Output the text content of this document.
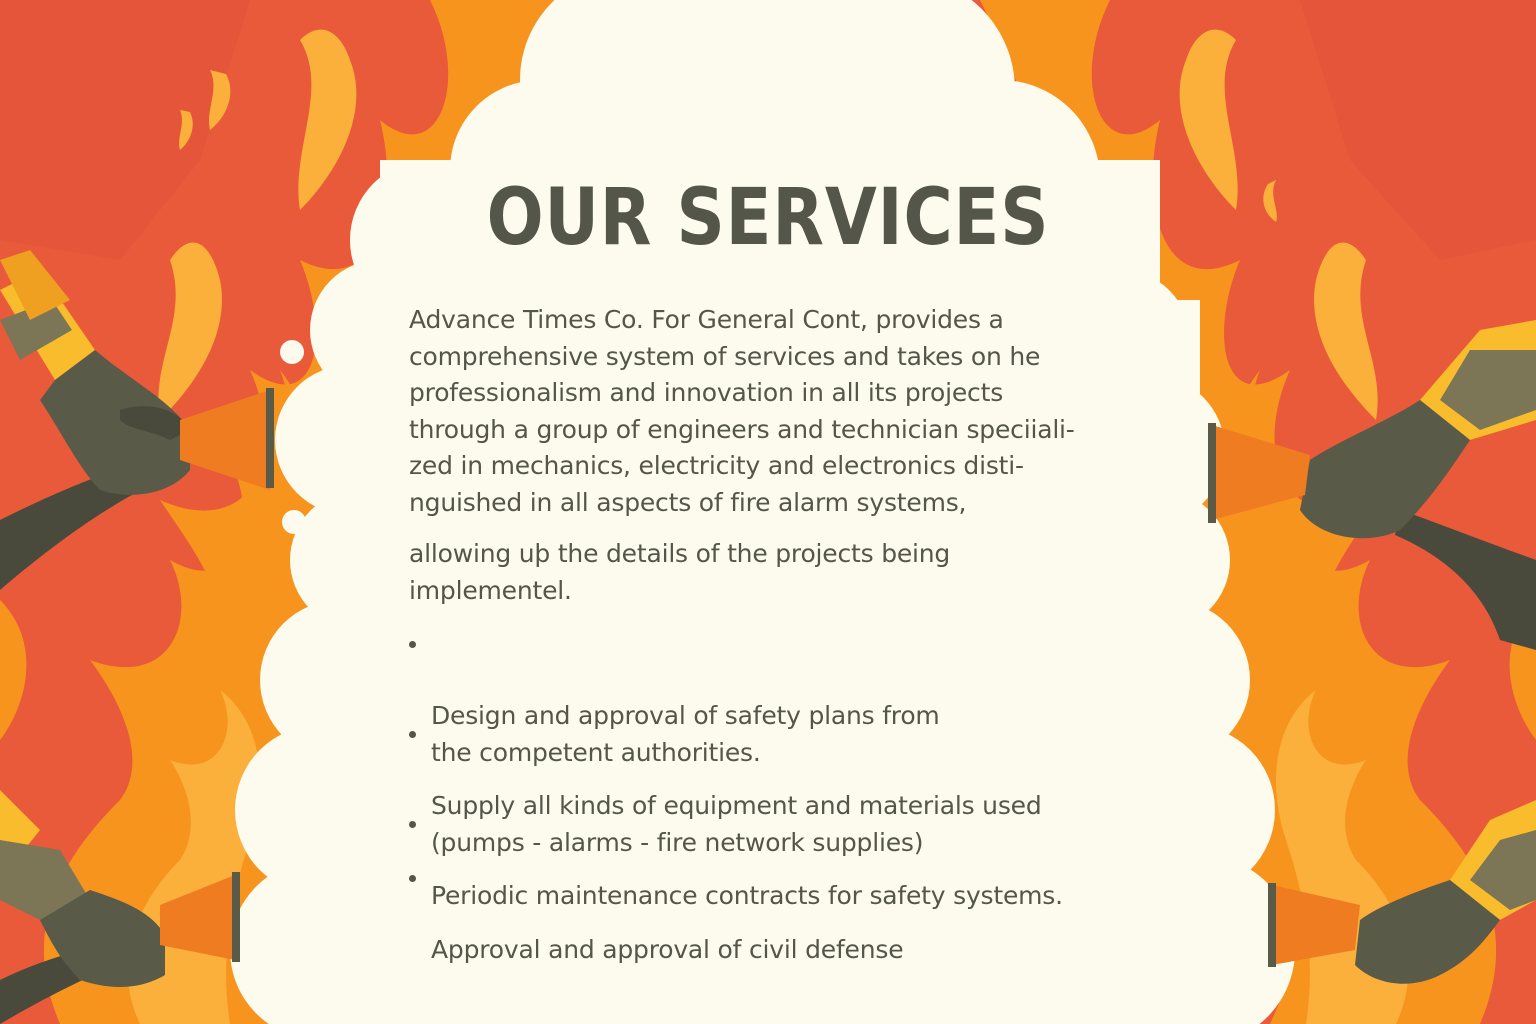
OUR SERVICES

Advance Times Co. For General Cont, provides a
comprehensive system of services and takes on he
professionalism and innovation in all its projects
through a group of engineers and technician speciiali-
zed in mechanics, electricity and electronics disti-
nguished in all aspects of fire alarm systems,

allowing uþ the details of the projects being
implementel.

Design and approval of safety plans from
the competent authorities.

Supply all kinds of equipment and materials used
(pumps - alarms - fire network supplies)

Periodic maintenance contracts for safety systems.

Approval and approval of civil defense
